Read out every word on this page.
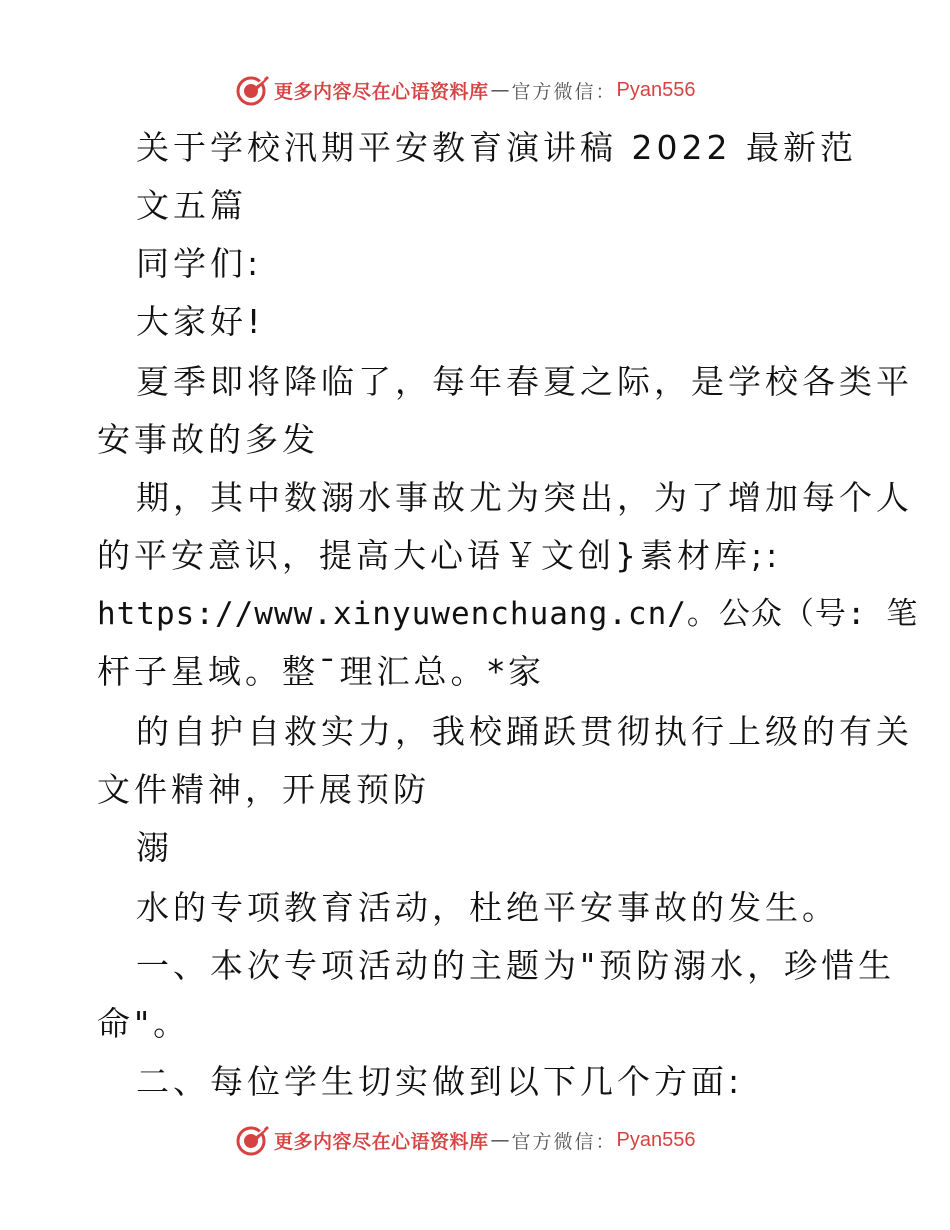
更多内容尽在心语资料库 — 官方微信： Pyan556
关于学校汛期平安教育演讲稿 2022 最新范
文五篇
同学们:
大家好!
夏季即将降临了，每年春夏之际，是学校各类平
安事故的多发
期，其中数溺水事故尤为突出，为了增加每个人
的平安意识，提高大心语￥文创}素材库;:
https://www.xinyuwenchuang.cn/。公众（号: 笔
杆子星域。整¯理汇总。*家
的自护自救实力，我校踊跃贯彻执行上级的有关
文件精神，开展预防
溺
水的专项教育活动，杜绝平安事故的发生。
一、本次专项活动的主题为"预防溺水，珍惜生
命"。
二、每位学生切实做到以下几个方面:
更多内容尽在心语资料库 — 官方微信： Pyan556
